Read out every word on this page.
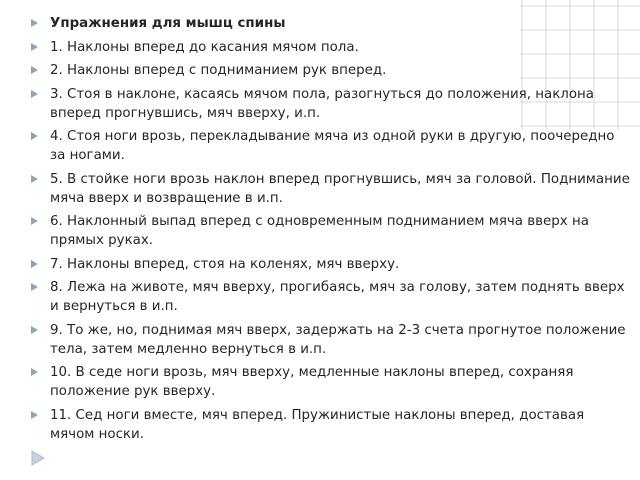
Упражнения для мышц спины
1. Наклоны вперед до касания мячом пола.
2. Наклоны вперед с подниманием рук вперед.
3. Стоя в наклоне, касаясь мячом пола, разогнуться до положения, наклона вперед прогнувшись, мяч вверху, и.п.
4. Стоя ноги врозь, перекладывание мяча из одной руки в другую, поочередно за ногами.
5. В стойке ноги врозь наклон вперед прогнувшись, мяч за головой. Поднимание мяча вверх и возвращение в и.п.
6. Наклонный выпад вперед с одновременным подниманием мяча вверх на прямых руках.
7. Наклоны вперед, стоя на коленях, мяч вверху.
8. Лежа на животе, мяч вверху, прогибаясь, мяч за голову, затем поднять вверх и вернуться в и.п.
9. То же, но, поднимая мяч вверх, задержать на 2-3 счета прогнутое положение тела, затем медленно вернуться в и.п.
10. В седе ноги врозь, мяч вверху, медленные наклоны вперед, сохраняя положение рук вверху.
11. Сед ноги вместе, мяч вперед. Пружинистые наклоны вперед, доставая мячом носки.
